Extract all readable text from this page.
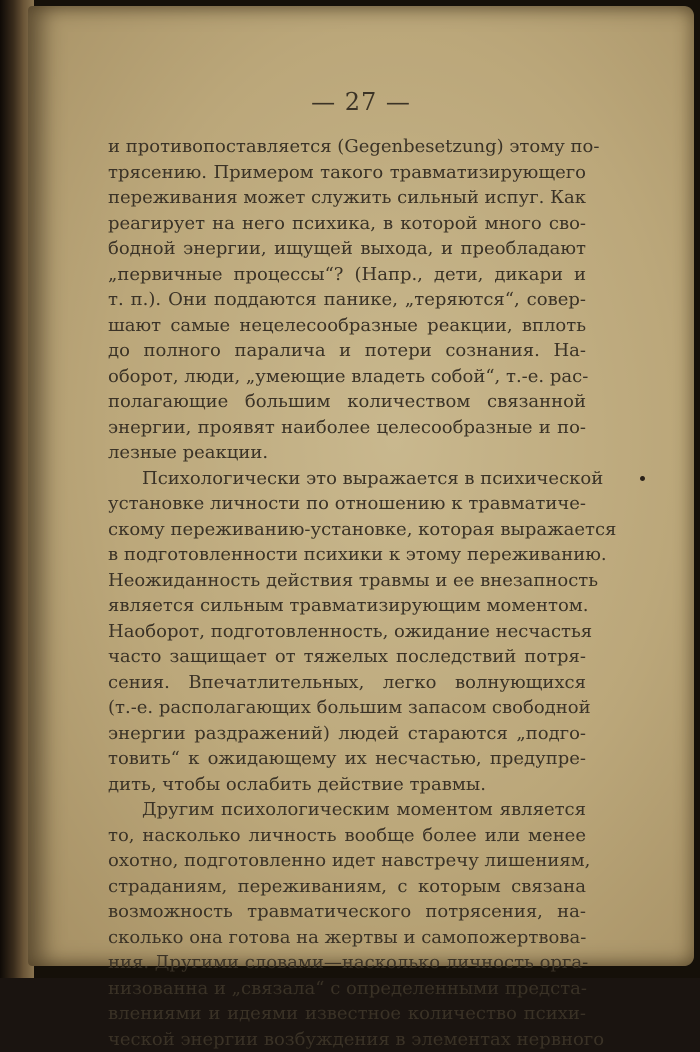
— 27 —
и противопоставляется (Gegenbesetzung) этому по-
трясению. Примером такого травматизирующего
переживания может служить сильный испуг. Как
реагирует на него психика, в которой много сво-
бодной энергии, ищущей выхода, и преобладают
„первичные процессы“? (Напр., дети, дикари и
т. п.). Они поддаются панике, „теряются“, совер-
шают самые нецелесообразные реакции, вплоть
до полного паралича и потери сознания. На-
оборот, люди, „умеющие владеть собой“, т.-е. рас-
полагающие большим количеством связанной
энергии, проявят наиболее целесообразные и по-
лезные реакции.
Психологически это выражается в психической
установке личности по отношению к травматиче-
скому переживанию-установке, которая выражается
в подготовленности психики к этому переживанию.
Неожиданность действия травмы и ее внезапность
является сильным травматизирующим моментом.
Наоборот, подготовленность, ожидание несчастья
часто защищает от тяжелых последствий потря-
сения. Впечатлительных, легко волнующихся
(т.-е. располагающих большим запасом свободной
энергии раздражений) людей стараются „подго-
товить“ к ожидающему их несчастью, предупре-
дить, чтобы ослабить действие травмы.
Другим психологическим моментом является
то, насколько личность вообще более или менее
охотно, подготовленно идет навстречу лишениям,
страданиям, переживаниям, с которым связана
возможность травматического потрясения, на-
сколько она готова на жертвы и самопожертвова-
ния. Другими словами—насколько личность орга-
низованна и „связала“ с определенными предста-
влениями и идеями известное количество психи-
ческой энергии возбуждения в элементах нервного
